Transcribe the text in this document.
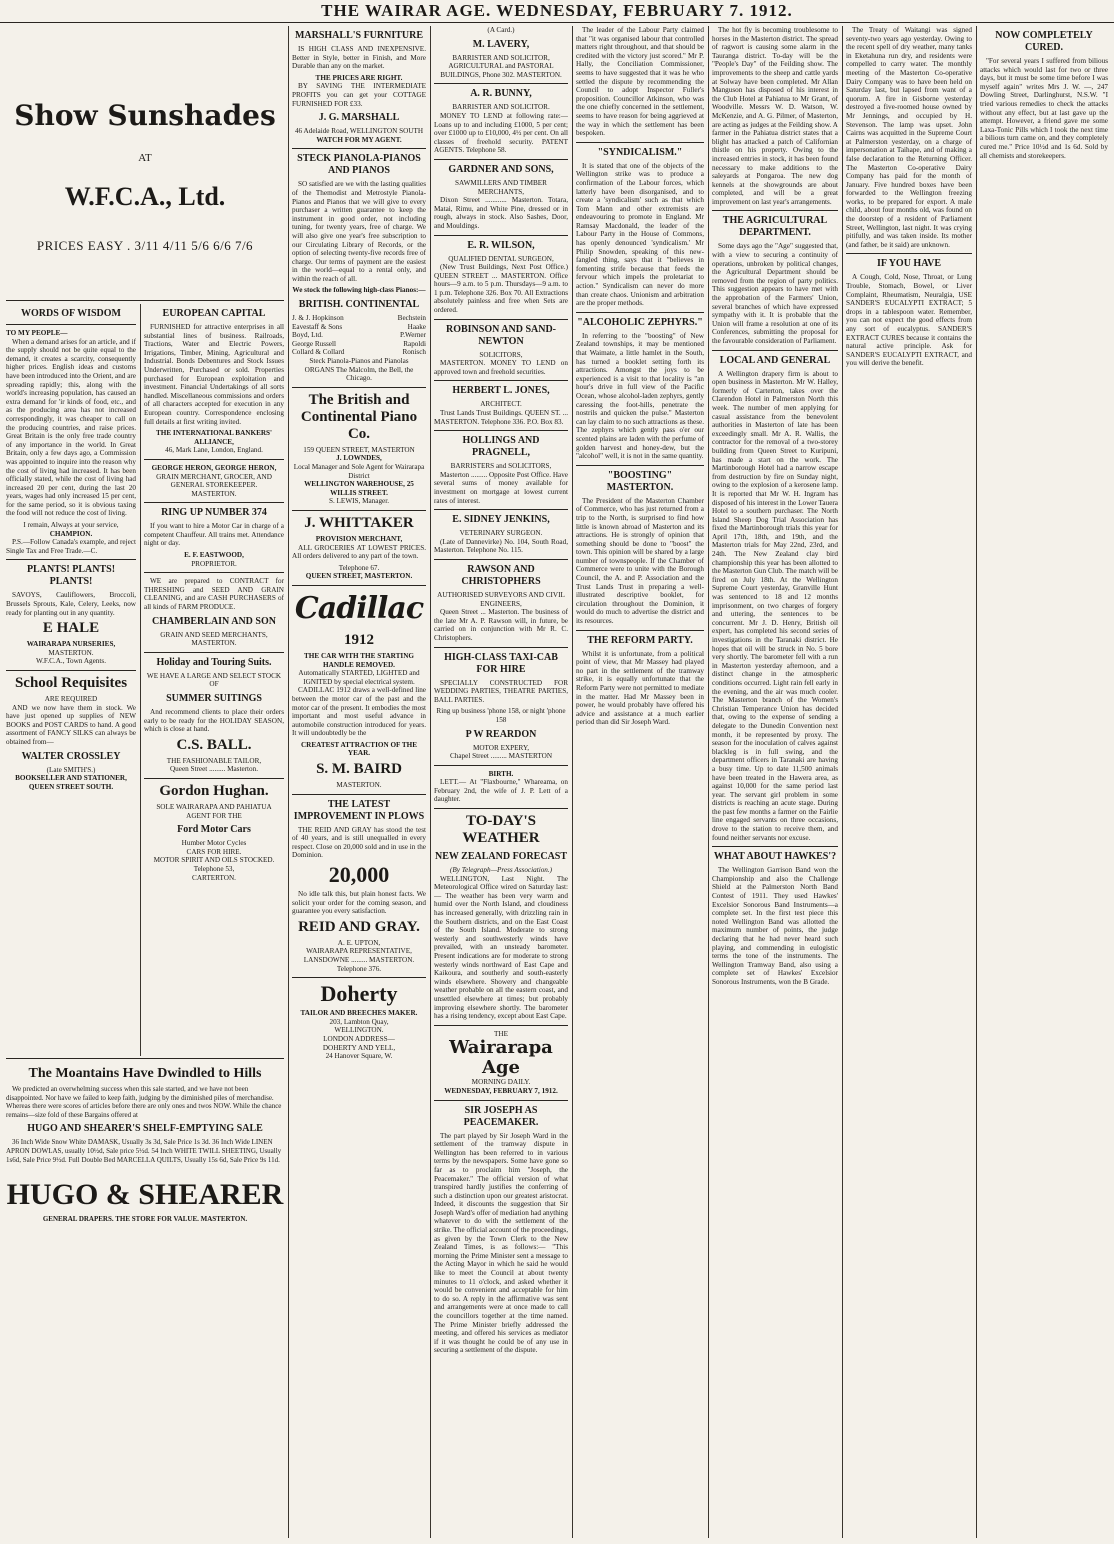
THE WAIRAR AGE. WEDNESDAY, FEBRUARY 7. 1912.
Show Sunshades
AT
W.F.C.A., Ltd.
PRICES EASY . 3/11 4/11 5/6 6/6 7/6
WORDS OF WISDOM
TO MY PEOPLE—

When a demand arises for an article, and if the supply should not be quite equal to the demand, it creates a scarcity, consequently higher prices. English ideas and customs have been introduced into the Orient, and are spreading rapidly; this, along with the world's increasing population, has caused an extra demand for 'ir kinds of food, etc., and as the producing area has not increased correspondingly, it was cheaper to call on the producing countries, and raise prices. Great Britain is the only free trade country of any importance in the world. In Great Britain, only a few days ago, a Commission was appointed to inquire into the reason why the cost of living had increased. It has been officially stated, while the cost of living had increased 20 per cent, during the last 20 years, wages had only increased 15 per cent, for the same period, so it is obvious taxing the food will not reduce the cost of living.

I remain, Always at your service,
CHAMPION.

P.S.—Follow Canada's example, and reject Single Tax and Free Trade.—C.

PLANTS! PLANTS! PLANTS!

SAVOYS, Cauliflowers, Broccoli, Brussels Sprouts, Kale, Celery, Leeks, now ready for planting out in any quantity.

E HALE
WAIRARAPA NURSERIES,
MASTERTON.
W.F.C.A., Town Agents.
School Requisites
ARE REQUIRED

AND we now have them in stock. We have just opened up supplies of NEW BOOKS and POST CARDS to hand. A good assortment of FANCY SILKS can always be obtained from—

WALTER CROSSLEY
(Late SMITH'S.)
BOOKSELLER AND STATIONER, QUEEN STREET SOUTH.
EUROPEAN CAPITAL

FURNISHED for attractive enterprises in all substantial lines of business. Railroads, Tractions, Water and Electric Powers, Irrigations, Timber, Mining, Agricultural and Industrial. Bonds Debentures and Stock Issues Underwritten, Purchased or sold. Properties purchased for European exploitation and investment. Financial Undertakings of all sorts handled. Miscellaneous commissions and orders of all characters accepted for execution in any European country. Correspondence enclosing full details at first writing invited.

THE INTERNATIONAL BANKERS' ALLIANCE,
46, Mark Lane, London, England.
GEORGE HERON, GEORGE HERON,
GRAIN MERCHANT, GROCER, AND GENERAL STOREKEEPER.
MASTERTON.
RING UP NUMBER 374

If you want to hire a Motor Car in charge of a competent Chauffeur. All trains met. Attendance night or day.

E. F. EASTWOOD,
PROPRIETOR.

WE are prepared to CONTRACT for THRESHING and SEED AND GRAIN CLEANING, and are CASH PURCHASERS of all kinds of FARM PRODUCE.

CHAMBERLAIN AND SON
GRAIN AND SEED MERCHANTS,
MASTERTON.
Holiday and Touring Suits.
WE HAVE A LARGE AND SELECT STOCK OF
SUMMER SUITINGS

And recommend clients to place their orders early to be ready for the HOLIDAY SEASON, which is close at hand.

C.S. BALL.
THE FASHIONABLE TAILOR,
Queen Street ......... Masterton.
Gordon Hughan.
SOLE WAIRARAPA AND PAHIATUA AGENT FOR THE
Ford Motor Cars
Humber Motor Cycles
CARS FOR HIRE.
MOTOR SPIRIT AND OILS STOCKED.
Telephone 53,
CARTERTON.
The Moantains Have Dwindled to Hills

We predicted an overwhelming success when this sale started, and we have not been disappointed. Nor have we failed to keep faith, judging by the diminished piles of merchandise. Whereas there were scores of articles before there are only ones and twos NOW. While the chance remains—size fold of these Bargains offered at

HUGO AND SHEARER'S SHELF-EMPTYING SALE

36 Inch Wide Snow White DAMASK, Usually 3s 3d, Sale Price 1s 3d. 36 Inch Wide LINEN APRON DOWLAS, usually 10½d, Sale price 5½d. 54 Inch WHITE TWILL SHEETING, Usually 1s6d, Sale Price 9½d. Full Double Bed MARCELLA QUILTS, Usually 15s 6d, Sale Price 9s 11d.

HUGO & SHEARER
GENERAL DRAPERS. THE STORE FOR VALUE. MASTERTON.
MARSHALL'S FURNITURE

IS HIGH CLASS AND INEXPENSIVE. Better in Style, better in Finish, and More Durable than any on the market.

THE PRICES ARE RIGHT.

BY SAVING THE INTERMEDIATE PROFITS you can get your COTTAGE FURNISHED FOR £33.

J. G. MARSHALL
46 Adelaide Road, WELLINGTON SOUTH
WATCH FOR MY AGENT.
STECK PIANOLA-PIANOS AND PIANOS

SO satisfied are we with the lasting qualities of the Themodist and Metrostyle Pianola-Pianos and Pianos that we will give to every purchaser a written guarantee to keep the instrument in good order, not including tuning, for twenty years, free of charge. We will also give one year's free subscription to our Circulating Library of Records, or the option of selecting twenty-five records free of charge. Our terms of payment are the easiest in the world—equal to a rental only, and within the reach of all.

We stock the following high-class Pianos:—
BRITISH. CONTINENTAL
J. & J. Hopkinson	Bechstein
Eavestaff & Sons	Haake
Boyd, Ltd.	P.Werner
George Russell	Rapoldi
Collard & Collard	Ronisch
Steck Pianola-Pianos and Pianolas
ORGANS The Malcolm, the Bell, the Chicago.
The British and Continental Piano Co.
159 QUEEN STREET, MASTERTON
J. LOWNDES,
Local Manager and Sole Agent for Wairarapa District
WELLINGTON WAREHOUSE, 25 WILLIS STREET.
S. LEWIS, Manager.
J. WHITTAKER
PROVISION MERCHANT,

ALL GROCERIES AT LOWEST PRICES. All orders delivered to any part of the town.

Telephone 67.
QUEEN STREET, MASTERTON.
Cadillac
1912
THE CAR WITH THE STARTING HANDLE REMOVED.
Automatically STARTED, LIGHTED and IGNITED by special electrical system.

CADILLAC 1912 draws a well-defined line between the motor car of the past and the motor car of the present. It embodies the most important and most useful advance in automobile construction introduced for years. It will undoubtedly be the

CREATEST ATTRACTION OF THE YEAR.
S. M. BAIRD
MASTERTON.
THE LATEST IMPROVEMENT IN PLOWS

THE REID AND GRAY has stood the test of 40 years, and is still unequalled in every respect. Close on 20,000 sold and in use in the Dominion.

20,000

No idle talk this, but plain honest facts. We solicit your order for the coming season, and guarantee you every satisfaction.

REID AND GRAY.
A. E. UPTON,
WAIRARAPA REPRESENTATIVE, LANSDOWNE ......... MASTERTON.
Telephone 376.
Doherty
TAILOR AND BREECHES MAKER.
203, Lambton Quay,
WELLINGTON.
LONDON ADDRESS—
DOHERTY AND YELL,
24 Hanover Square, W.
(A Card.)
M. LAVERY,
BARRISTER AND SOLICITOR,
AGRICULTURAL and PASTORAL BUILDINGS, Phone 302. MASTERTON.
A. R. BUNNY,
BARRISTER AND SOLICITOR.

MONEY TO LEND at following rate:—Loans up to and including £1000, 5 per cent; over £1000 up to £10,000, 4½ per cent. On all classes of freehold security. PATENT AGENTS. Telephone 58.

GARDNER AND SONS,
SAWMILLERS AND TIMBER MERCHANTS,

Dixon Street ............ Masterton. Totara, Matai, Rimu, and White Pine, dressed or in rough, always in stock. Also Sashes, Door, and Mouldings.

E. R. WILSON,
QUALIFIED DENTAL SURGEON,

(New Trust Buildings, Next Post Office.) QUEEN STREET ... MASTERTON. Office hours—9 a.m. to 5 p.m. Thursdays—9 a.m. to 1 p.m. Telephone 326. Box 70. All Extractions absolutely painless and free when Sets are ordered.

ROBINSON AND SAND-NEWTON
SOLICITORS,

MASTERTON. MONEY TO LEND on approved town and freehold securities.

HERBERT L. JONES,
ARCHITECT.

Trust Lands Trust Buildings. QUEEN ST. ... MASTERTON. Telephone 336. P.O. Box 83.

HOLLINGS AND PRAGNELL,
BARRISTERS and SOLICITORS,

Masterton ......... Opposite Post Office. Have several sums of money available for investment on mortgage at lowest current rates of interest.

E. SIDNEY JENKINS,
VETERINARY SURGEON.

(Late of Dannevirke) No. 104, South Road, Masterton. Telephone No. 115.

RAWSON AND CHRISTOPHERS
AUTHORISED SURVEYORS AND CIVIL ENGINEERS,

Queen Street ... Masterton. The business of the late Mr A. P. Rawson will, in future, be carried on in conjunction with Mr R. C. Christophers.

HIGH-CLASS TAXI-CAB FOR HIRE

SPECIALLY CONSTRUCTED FOR WEDDING PARTIES, THEATRE PARTIES, BALL PARTIES.

Ring up business 'phone 158, or night 'phone 158
P W REARDON
MOTOR EXPERY,
Chapel Street ......... MASTERTON
BIRTH.

LETT.— At "Flaxbourne," Whareama, on February 2nd, the wife of J. P. Lett of a daughter.

TO-DAY'S WEATHER
NEW ZEALAND FORECAST
(By Telegraph—Press Association.)

WELLINGTON, Last Night. The Meteorological Office wired on Saturday last:— The weather has been very warm and humid over the North Island, and cloudiness has increased generally, with drizzling rain in the Southern districts, and on the East Coast of the South Island. Moderate to strong westerly and southwesterly winds have prevailed, with an unsteady barometer. Present indications are for moderate to strong westerly winds northward of East Cape and Kaikoura, and southerly and south-easterly winds elsewhere. Showery and changeable weather probable on all the eastern coast, and unsettled elsewhere at times; but probably improving elsewhere shortly. The barometer has a rising tendency, except about East Cape.

THE
Wairarapa Age
MORNING DAILY.
WEDNESDAY, FEBRUARY 7, 1912.
SIR JOSEPH AS PEACEMAKER.

The part played by Sir Joseph Ward in the settlement of the tramway dispute in Wellington has been referred to in various terms by the newspapers. Some have gone so far as to proclaim him "Joseph, the Peacemaker." The official version of what transpired hardly justifies the conferring of such a distinction upon our greatest aristocrat. Indeed, it discounts the suggestion that Sir Joseph Ward's offer of mediation had anything whatever to do with the settlement of the strike. The official account of the proceedings, as given by the Town Clerk to the New Zealand Times, is as follows:— "This morning the Prime Minister sent a message to the Acting Mayor in which he said he would like to meet the Council at about twenty minutes to 11 o'clock, and asked whether it would be convenient and acceptable for him to do so. A reply in the affirmative was sent and arrangements were at once made to call the councillors together at the time named. The Prime Minister briefly addressed the meeting, and offered his services as mediator if it was thought he could be of any use in securing a settlement of the dispute.

The leader of the Labour Party claimed that "it was organised labour that controlled matters right throughout, and that should be credited with the victory just scored." Mr P. Hally, the Conciliation Commissioner, seems to have suggested that it was he who settled the dispute by recommending the Council to adopt Inspector Fuller's proposition. Councillor Atkinson, who was the one chiefly concerned in the settlement, seems to have reason for being aggrieved at the way in which the settlement has been bespoken.

"SYNDICALISM."

It is stated that one of the objects of the Wellington strike was to produce a confirmation of the Labour forces, which latterly have been disorganised, and to create a 'syndicalism' such as that which Tom Mann and other extremists are endeavouring to promote in England. Mr Ramsay Macdonald, the leader of the Labour Party in the House of Commons, has openly denounced 'syndicalism.' Mr Philip Snowden, speaking of this new-fangled thing, says that it "believes in fomenting strife because that feeds the fervour which impels the proletariat to action." Syndicalism can never do more than create chaos. Unionism and arbitration are the proper methods.

"ALCOHOLIC ZEPHYRS."

In referring to the "boosting" of New Zealand townships, it may be mentioned that Waimate, a little hamlet in the South, has turned a booklet setting forth its attractions. Amongst the joys to be experienced is a visit to that locality is "an hour's drive in full view of the Pacific Ocean, whose alcohol-laden zephyrs, gently caressing the foot-hills, penetrate the nostrils and quicken the pulse." Masterton can lay claim to no such attractions as these. The zephyrs which gently pass o'er our scented plains are laden with the perfume of golden harvest and honey-dew, but the "alcohol" well, it is not in the same quantity.

"BOOSTING" MASTERTON.

The President of the Masterton Chamber of Commerce, who has just returned from a trip to the North, is surprised to find how little is known abroad of Masterton and its attractions. He is strongly of opinion that something should be done to "boost" the town. This opinion will be shared by a large number of townspeople. If the Chamber of Commerce were to unite with the Borough Council, the A. and P. Association and the Trust Lands Trust in preparing a well-illustrated descriptive booklet, for circulation throughout the Dominion, it would do much to advertise the district and its resources.

THE REFORM PARTY.

Whilst it is unfortunate, from a political point of view, that Mr Massey had played no part in the settlement of the tramway strike, it is equally unfortunate that the Reform Party were not permitted to mediate in the matter. Had Mr Massey been in power, he would probably have offered his advice and assistance at a much earlier period than did Sir Joseph Ward.

The hot fly is becoming troublesome to horses in the Masterton district. The spread of ragwort is causing some alarm in the Tauranga district. To-day will be the "People's Day" of the Feilding show. The improvements to the sheep and cattle yards at Solway have been completed. Mr Allan Manguson has disposed of his interest in the Club Hotel at Pahiatua to Mr Grant, of Woodville. Messrs W. D. Watson, W. McKenzie, and A. G. Pilmer, of Masterton, are acting as judges at the Feilding show. A farmer in the Pahiatua district states that a blight has attacked a patch of Californian thistle on his property. Owing to the increased entries in stock, it has been found necessary to make additions to the saleyards at Pongaroa. The new dog kennels at the showgrounds are about completed, and will be a great improvement on last year's arrangements.

THE AGRICULTURAL DEPARTMENT.

Some days ago the "Age" suggested that, with a view to securing a continuity of operations, unbroken by political changes, the Agricultural Department should be removed from the region of party politics. This suggestion appears to have met with the approbation of the Farmers' Union, several branches of which have expressed sympathy with it. It is probable that the Union will frame a resolution at one of its Conferences, submitting the proposal for the favourable consideration of Parliament.

LOCAL AND GENERAL

A Wellington drapery firm is about to open business in Masterton. Mr W. Halley, formerly of Carterton, takes over the Clarendon Hotel in Palmerston North this week. The number of men applying for casual assistance from the benevolent authorities in Masterton of late has been exceedingly small. Mr A. R. Wallis, the contractor for the removal of a two-storey building from Queen Street to Kuripuni, has made a start on the work. The Martinborough Hotel had a narrow escape from destruction by fire on Sunday night, owing to the explosion of a kerosene lamp. It is reported that Mr W. H. Ingram has disposed of his interest in the Lower Tauera Hotel to a southern purchaser. The North Island Sheep Dog Trial Association has fixed the Martinborough trials this year for April 17th, 18th, and 19th, and the Masterton trials for May 22nd, 23rd, and 24th. The New Zealand clay bird championship this year has been allotted to the Masterton Gun Club. The match will be fired on July 18th. At the Wellington Supreme Court yesterday, Granville Hunt was sentenced to 18 and 12 months imprisonment, on two charges of forgery and uttering, the sentences to be concurrent. Mr J. D. Henry, British oil expert, has completed his second series of investigations in the Taranaki district. He hopes that oil will be struck in No. 5 bore very shortly. The barometer fell with a run in Masterton yesterday afternoon, and a distinct change in the atmospheric conditions occurred. Light rain fell early in the evening, and the air was much cooler. The Masterton branch of the Women's Christian Temperance Union has decided that, owing to the expense of sending a delegate to the Dunedin Convention next month, it be represented by proxy. The season for the inoculation of calves against blackleg is in full swing, and the department officers in Taranaki are having a busy time. Up to date 11,500 animals have been treated in the Hawera area, as against 10,000 for the same period last year. The servant girl problem in some districts is reaching an acute stage. During the past few months a farmer on the Fairlie line engaged servants on three occasions, drove to the station to receive them, and found neither servants nor excuse.

WHAT ABOUT HAWKES'?

The Wellington Garrison Band won the Championship and also the Challenge Shield at the Palmerston North Band Contest of 1911. They used Hawkes' Excelsior Sonorous Band Instruments—a complete set. In the first test piece this noted Wellington Band was allotted the maximum number of points, the judge declaring that he had never heard such playing, and commending in eulogistic terms the tone of the instruments. The Wellington Tramway Band, also using a complete set of Hawkes' Excelsior Sonorous Instruments, won the B Grade.

The Treaty of Waitangi was signed seventy-two years ago yesterday. Owing to the recent spell of dry weather, many tanks in Eketahuna run dry, and residents were compelled to carry water. The monthly meeting of the Masterton Co-operative Dairy Company was to have been held on Saturday last, but lapsed from want of a quorum. A fire in Gisborne yesterday destroyed a five-roomed house owned by Mr Jennings, and occupied by H. Stevenson. The lamp was upset. John Cairns was acquitted in the Supreme Court at Palmerston yesterday, on a charge of impersonation at Taihape, and of making a false declaration to the Returning Officer. The Masterton Co-operative Dairy Company has paid for the month of January. Five hundred boxes have been forwarded to the Wellington freezing works, to be prepared for export. A male child, about four months old, was found on the doorstep of a resident of Parliament Street, Wellington, last night. It was crying pitifully, and was taken inside. Its mother (and father, be it said) are unknown.

IF YOU HAVE

A Cough, Cold, Nose, Throat, or Lung Trouble, Stomach, Bowel, or Liver Complaint, Rheumatism, Neuralgia, USE SANDER'S EUCALYPTI EXTRACT; 5 drops in a tablespoon water. Remember, you can not expect the good effects from any sort of eucalyptus. SANDER'S EXTRACT CURES because it contains the natural active principle. Ask for SANDER'S EUCALYPTI EXTRACT, and you will derive the benefit.

NOW COMPLETELY CURED.

"For several years I suffered from bilious attacks which would last for two or three days, but it must be some time before I was myself again" writes Mrs J. W. —, 247 Dowling Street, Darlinghurst, N.S.W. "I tried various remedies to check the attacks without any effect, but at last gave up the attempt. However, a friend gave me some Laxa-Tonic Pills which I took the next time a bilious turn came on, and they completely cured me." Price 10½d and 1s 6d. Sold by all chemists and storekeepers.
